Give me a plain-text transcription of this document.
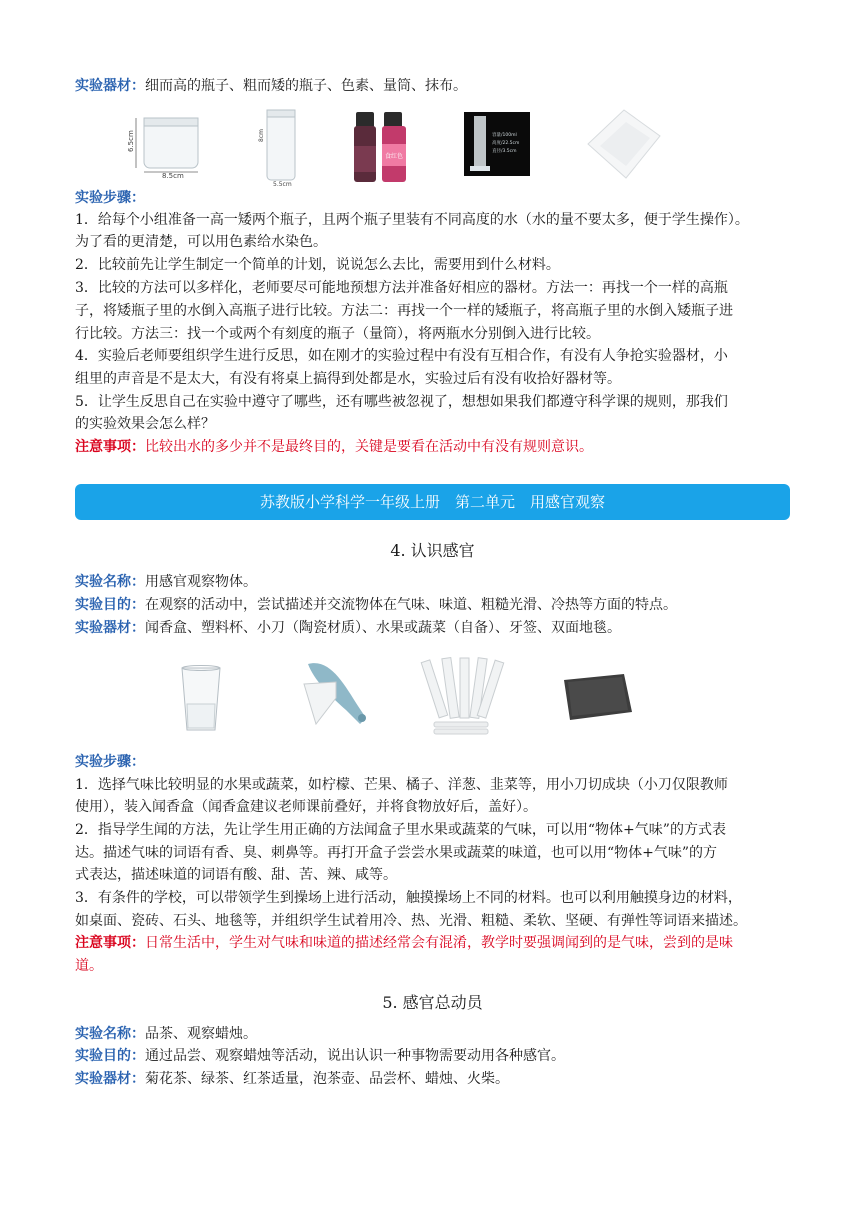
实验器材：细而高的瓶子、粗而矮的瓶子、色素、量筒、抹布。
6.5cm
8.5cm
8cm
5.5cm
食红色
容量/100ml
高度/22.5cm
直径/3.5cm
实验步骤：
1．给每个小组准备一高一矮两个瓶子，且两个瓶子里装有不同高度的水（水的量不要太多，便于学生操作）。
为了看的更清楚，可以用色素给水染色。
2．比较前先让学生制定一个简单的计划，说说怎么去比，需要用到什么材料。
3．比较的方法可以多样化，老师要尽可能地预想方法并准备好相应的器材。方法一：再找一个一样的高瓶
子，将矮瓶子里的水倒入高瓶子进行比较。方法二：再找一个一样的矮瓶子，将高瓶子里的水倒入矮瓶子进
行比较。方法三：找一个或两个有刻度的瓶子（量筒），将两瓶水分别倒入进行比较。
4．实验后老师要组织学生进行反思，如在刚才的实验过程中有没有互相合作，有没有人争抢实验器材，小
组里的声音是不是太大，有没有将桌上搞得到处都是水，实验过后有没有收拾好器材等。
5．让学生反思自己在实验中遵守了哪些，还有哪些被忽视了，想想如果我们都遵守科学课的规则，那我们
的实验效果会怎么样？
注意事项：比较出水的多少并不是最终目的，关键是要看在活动中有没有规则意识。
苏教版小学科学一年级上册　第二单元　用感官观察
4. 认识感官
实验名称：用感官观察物体。
实验目的：在观察的活动中，尝试描述并交流物体在气味、味道、粗糙光滑、冷热等方面的特点。
实验器材：闻香盒、塑料杯、小刀（陶瓷材质）、水果或蔬菜（自备）、牙签、双面地毯。
实验步骤：
1．选择气味比较明显的水果或蔬菜，如柠檬、芒果、橘子、洋葱、韭菜等，用小刀切成块（小刀仅限教师
使用），装入闻香盒（闻香盒建议老师课前叠好，并将食物放好后，盖好）。
2．指导学生闻的方法，先让学生用正确的方法闻盒子里水果或蔬菜的气味，可以用“物体+气味”的方式表
达。描述气味的词语有香、臭、刺鼻等。再打开盒子尝尝水果或蔬菜的味道，也可以用“物体+气味”的方
式表达，描述味道的词语有酸、甜、苦、辣、咸等。
3．有条件的学校，可以带领学生到操场上进行活动，触摸操场上不同的材料。也可以利用触摸身边的材料，
如桌面、瓷砖、石头、地毯等，并组织学生试着用冷、热、光滑、粗糙、柔软、坚硬、有弹性等词语来描述。
注意事项：日常生活中，学生对气味和味道的描述经常会有混淆，教学时要强调闻到的是气味，尝到的是味
道。
5. 感官总动员
实验名称：品茶、观察蜡烛。
实验目的：通过品尝、观察蜡烛等活动，说出认识一种事物需要动用各种感官。
实验器材：菊花茶、绿茶、红茶适量，泡茶壶、品尝杯、蜡烛、火柴。
